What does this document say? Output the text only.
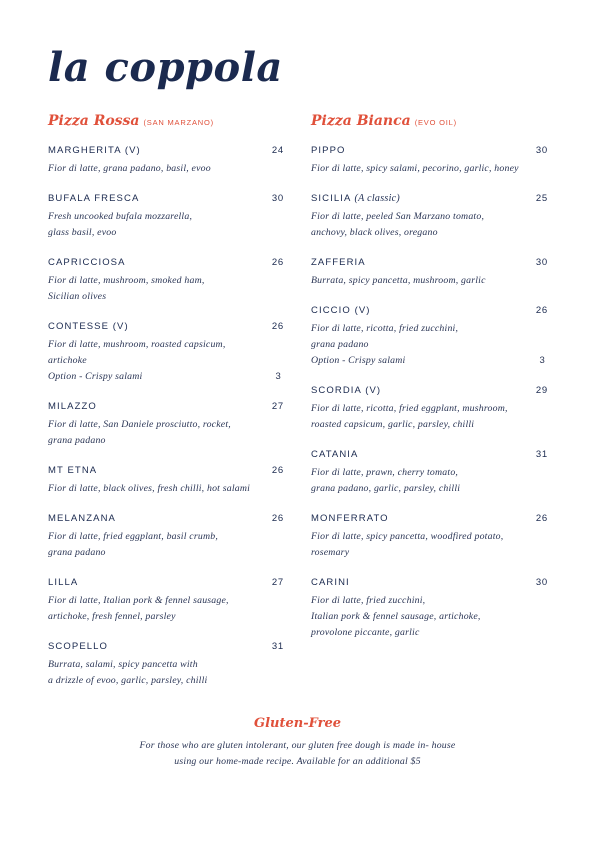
la coppola
Pizza Rossa (SAN MARZANO)
MARGHERITA (V)	24
Fior di latte, grana padano, basil, evoo
BUFALA FRESCA	30
Fresh uncooked bufala mozzarella,
glass basil, evoo
CAPRICCIOSA	26
Fior di latte, mushroom, smoked ham,
Sicilian olives
CONTESSE (V)	26
Fior di latte, mushroom, roasted capsicum,
artichoke
Option - Crispy salami	3
MILAZZO	27
Fior di latte, San Daniele prosciutto, rocket,
grana padano
MT ETNA	26
Fior di latte, black olives, fresh chilli, hot salami
MELANZANA	26
Fior di latte, fried eggplant, basil crumb,
grana padano
LILLA	27
Fior di latte, Italian pork & fennel sausage,
artichoke, fresh fennel, parsley
SCOPELLO	31
Burrata, salami, spicy pancetta with
a drizzle of evoo, garlic, parsley, chilli
Pizza Bianca (EVO OIL)
PIPPO	30
Fior di latte, spicy salami, pecorino, garlic, honey
SICILIA (A classic)	25
Fior di latte, peeled San Marzano tomato,
anchovy, black olives, oregano
ZAFFERIA	30
Burrata, spicy pancetta, mushroom, garlic
CICCIO (V)	26
Fior di latte, ricotta, fried zucchini,
grana padano
Option - Crispy salami	3
SCORDIA (V)	29
Fior di latte, ricotta, fried eggplant, mushroom,
roasted capsicum, garlic, parsley, chilli
CATANIA	31
Fior di latte, prawn, cherry tomato,
grana padano, garlic, parsley, chilli
MONFERRATO	26
Fior di latte, spicy pancetta, woodfired potato,
rosemary
CARINI	30
Fior di latte, fried zucchini,
Italian pork & fennel sausage, artichoke,
provolone piccante, garlic
Gluten-Free
For those who are gluten intolerant, our gluten free dough is made in- house
using our home-made recipe. Available for an additional $5
